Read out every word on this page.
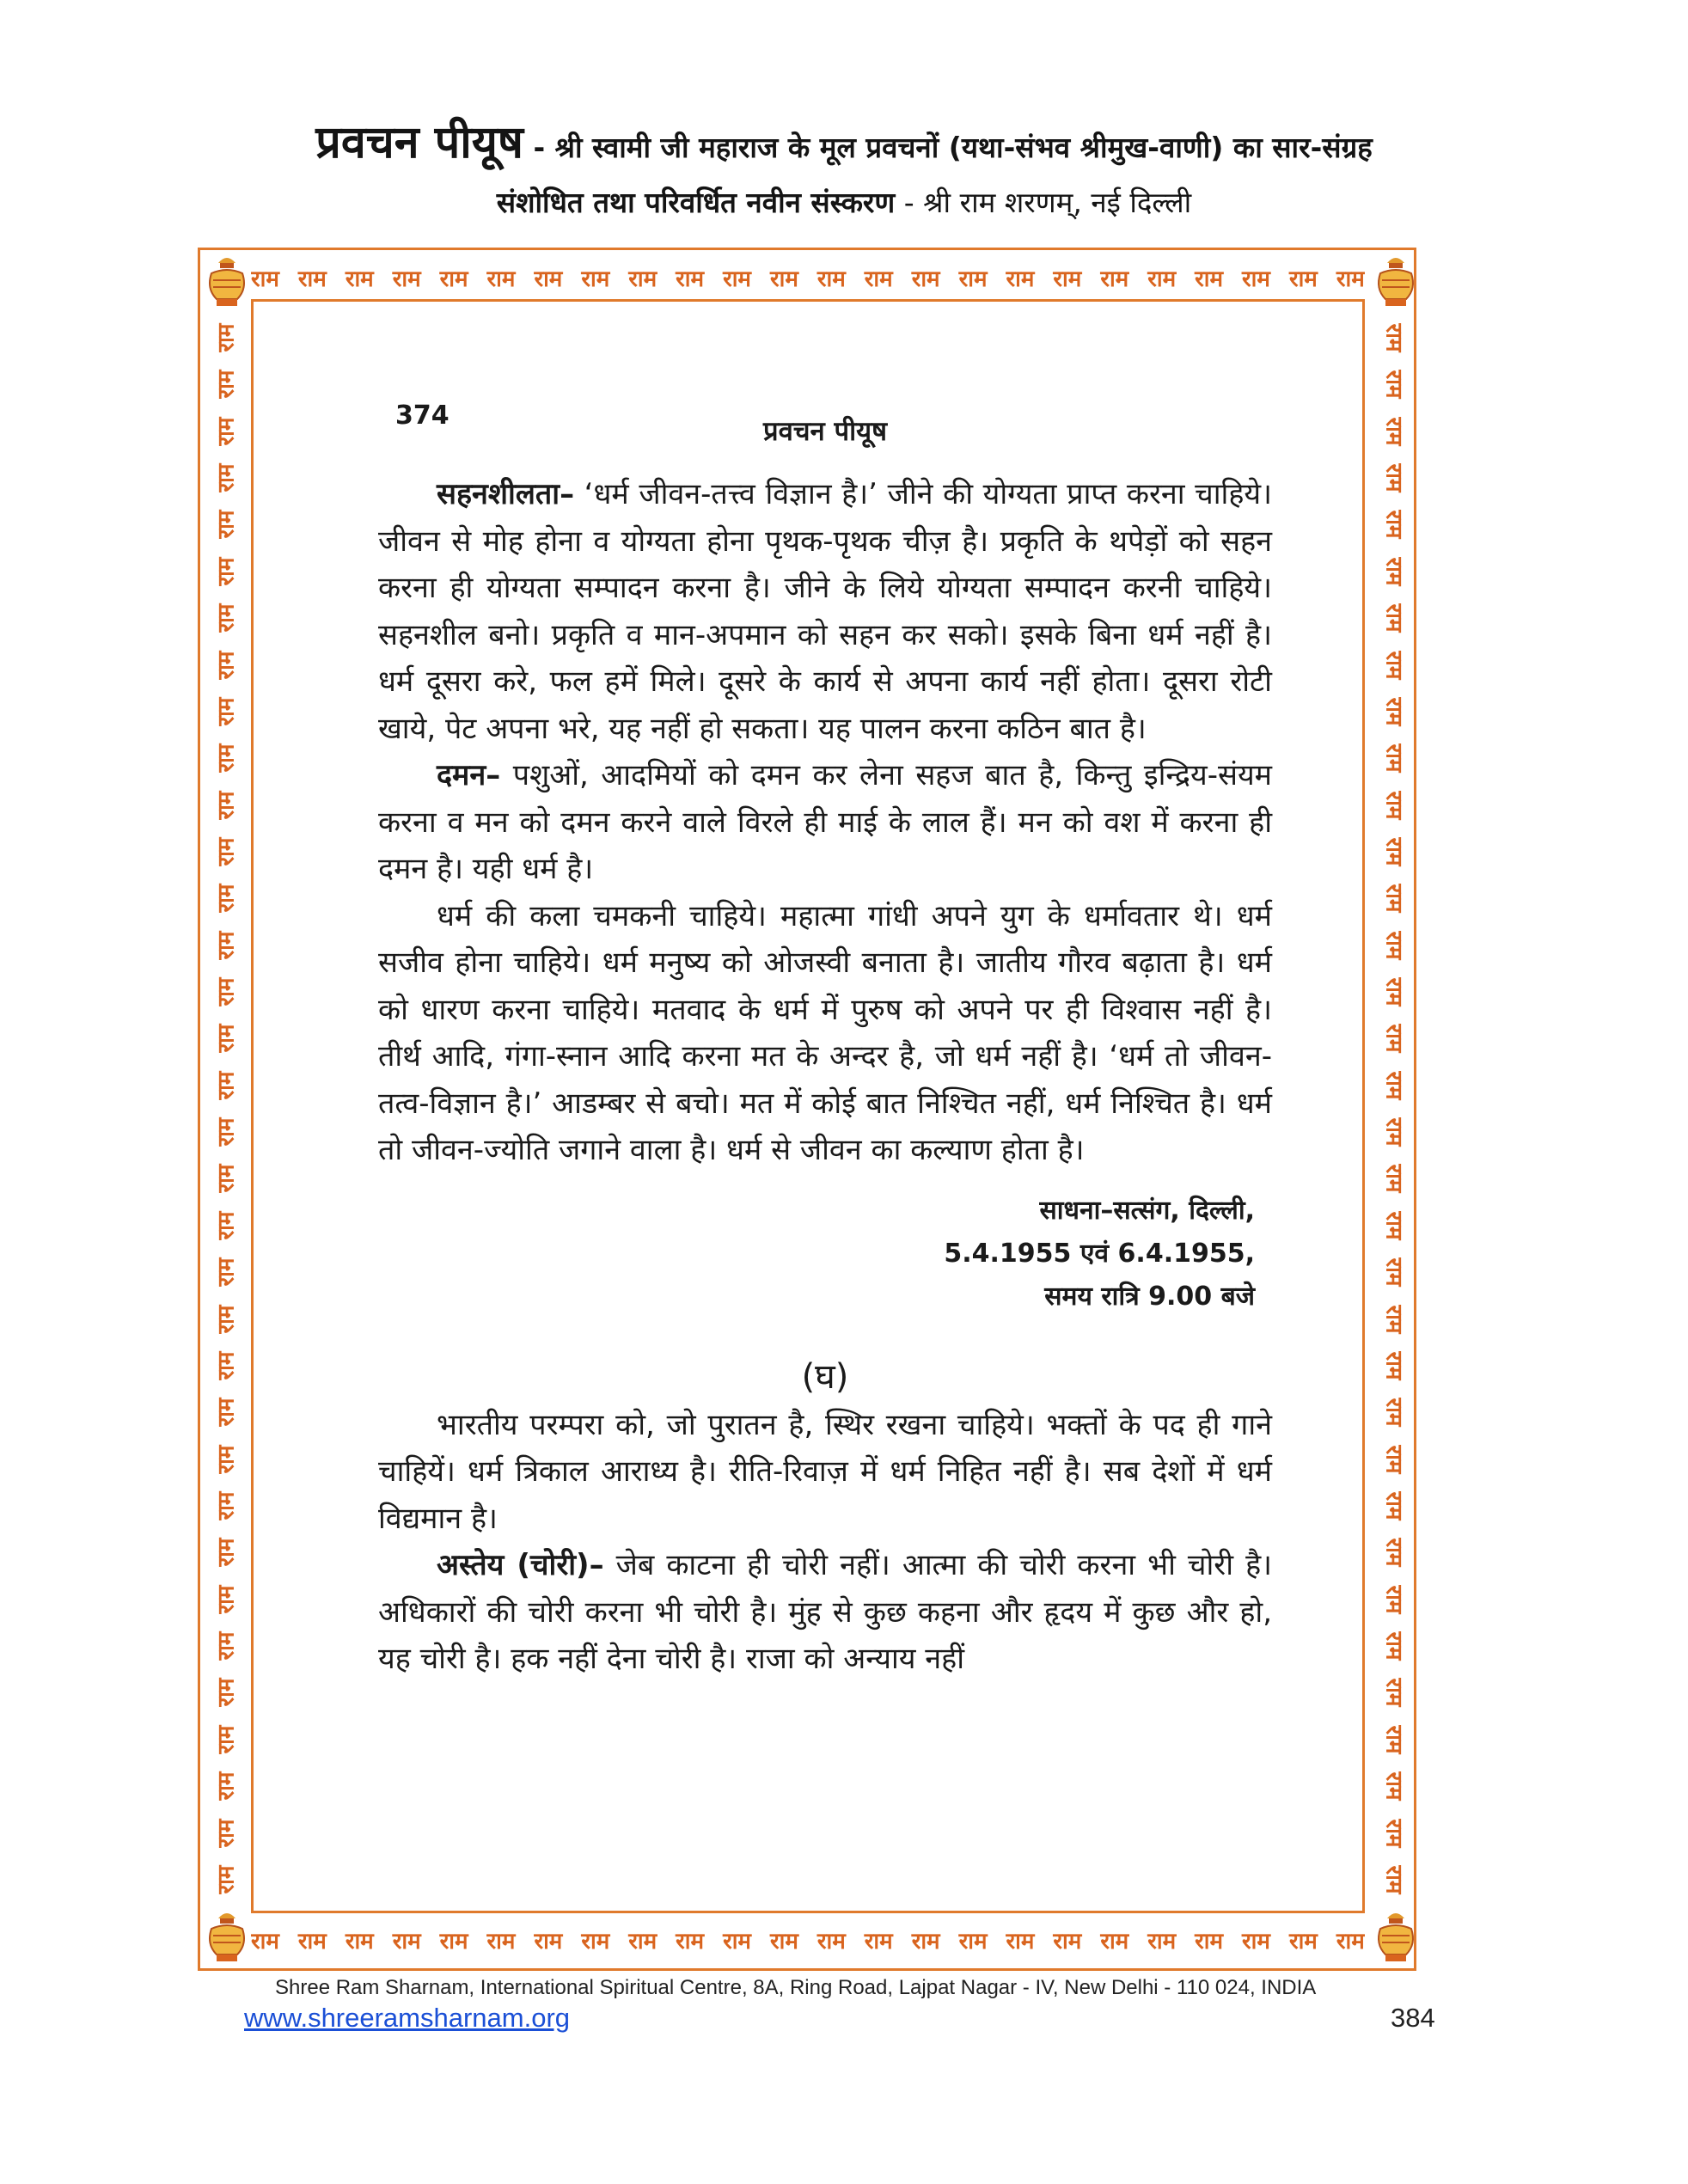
प्रवचन पीयूष - श्री स्वामी जी महाराज के मूल प्रवचनों (यथा-संभव श्रीमुख-वाणी) का सार-संग्रह
संशोधित तथा परिवर्धित नवीन संस्करण - श्री राम शरणम्, नई दिल्ली
राम राम राम राम राम राम राम राम राम राम राम राम राम राम राम राम राम राम राम राम राम राम राम राम
राम राम राम राम राम राम राम राम राम राम राम राम राम राम राम राम राम राम राम राम राम राम राम राम
राम
राम
राम
राम
राम
राम
राम
राम
राम
राम
राम
राम
राम
राम
राम
राम
राम
राम
राम
राम
राम
राम
राम
राम
राम
राम
राम
राम
राम
राम
राम
राम
राम
राम
राम
राम
राम
राम
राम
राम
राम
राम
राम
राम
राम
राम
राम
राम
राम
राम
राम
राम
राम
राम
राम
राम
राम
राम
राम
राम
राम
राम
राम
राम
राम
राम
राम
राम
374
प्रवचन पीयूष

सहनशीलता– ‘धर्म जीवन-तत्त्व विज्ञान है।’ जीने की योग्यता प्राप्त करना चाहिये। जीवन से मोह होना व योग्यता होना पृथक-पृथक चीज़ है। प्रकृति के थपेड़ों को सहन करना ही योग्यता सम्पादन करना है। जीने के लिये योग्यता सम्पादन करनी चाहिये। सहनशील बनो। प्रकृति व मान-अपमान को सहन कर सको। इसके बिना धर्म नहीं है। धर्म दूसरा करे, फल हमें मिले। दूसरे के कार्य से अपना कार्य नहीं होता। दूसरा रोटी खाये, पेट अपना भरे, यह नहीं हो सकता। यह पालन करना कठिन बात है।

दमन– पशुओं, आदमियों को दमन कर लेना सहज बात है, किन्तु इन्द्रिय-संयम करना व मन को दमन करने वाले विरले ही माई के लाल हैं। मन को वश में करना ही दमन है। यही धर्म है।

धर्म की कला चमकनी चाहिये। महात्मा गांधी अपने युग के धर्मावतार थे। धर्म सजीव होना चाहिये। धर्म मनुष्य को ओजस्वी बनाता है। जातीय गौरव बढ़ाता है। धर्म को धारण करना चाहिये। मतवाद के धर्म में पुरुष को अपने पर ही विश्वास नहीं है। तीर्थ आदि, गंगा-स्नान आदि करना मत के अन्दर है, जो धर्म नहीं है। ‘धर्म तो जीवन-तत्व-विज्ञान है।’ आडम्बर से बचो। मत में कोई बात निश्चित नहीं, धर्म निश्चित है। धर्म तो जीवन-ज्योति जगाने वाला है। धर्म से जीवन का कल्याण होता है।

साधना–सत्संग, दिल्ली,
5.4.1955 एवं 6.4.1955,
समय रात्रि 9.00 बजे
(घ)

भारतीय परम्परा को, जो पुरातन है, स्थिर रखना चाहिये। भक्तों के पद ही गाने चाहियें। धर्म त्रिकाल आराध्य है। रीति-रिवाज़ में धर्म निहित नहीं है। सब देशों में धर्म विद्यमान है।

अस्तेय (चोरी)– जेब काटना ही चोरी नहीं। आत्मा की चोरी करना भी चोरी है। अधिकारों की चोरी करना भी चोरी है। मुंह से कुछ कहना और हृदय में कुछ और हो, यह चोरी है। हक नहीं देना चोरी है। राजा को अन्याय नहीं

Shree Ram Sharnam, International Spiritual Centre, 8A, Ring Road, Lajpat Nagar - IV, New Delhi - 110 024, INDIA
www.shreeramsharnam.org	384
